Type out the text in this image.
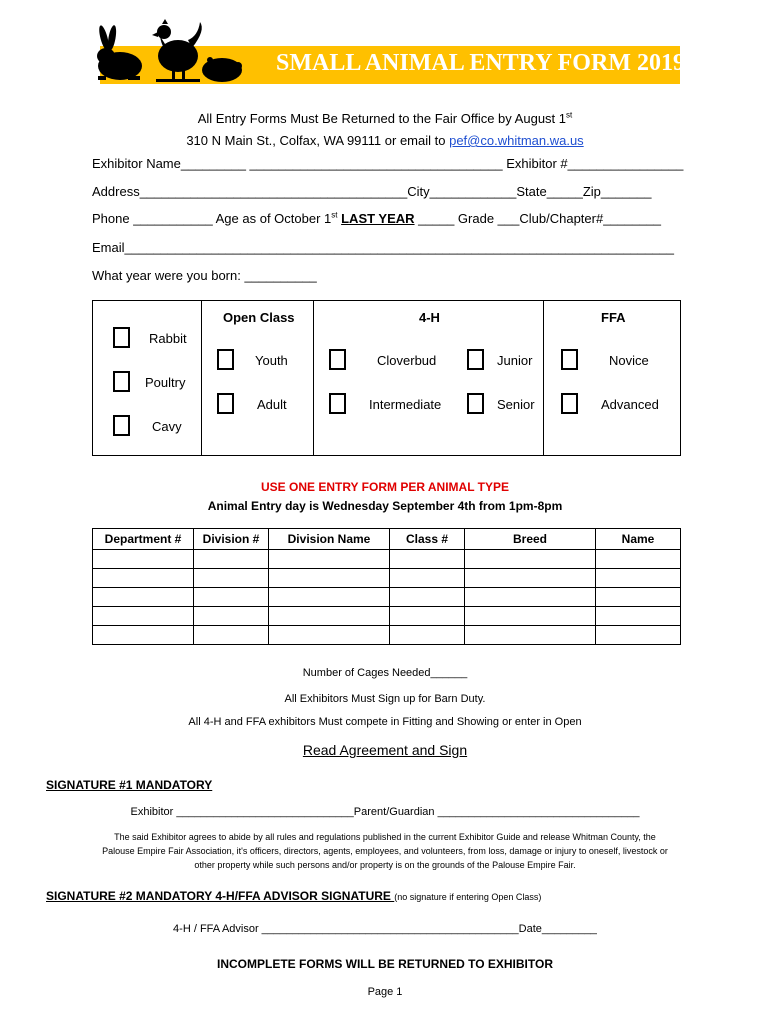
SMALL ANIMAL ENTRY FORM 2019
All Entry Forms Must Be Returned to the Fair Office by August 1st
310 N Main St., Colfax, WA 99111 or email to pef@co.whitman.wa.us
Exhibitor Name_________ ___________________________________ Exhibitor #________________
Address_____________________________________City____________State_____Zip_______
Phone ___________ Age as of October 1st LAST YEAR _____ Grade ___Club/Chapter#________
Email____________________________________________________________________________
What year were you born: __________
Open Class	4-H	FFA
Rabbit
Poultry
Cavy
Youth
Adult
Cloverbud
Intermediate
Junior
Senior
Novice
Advanced
USE ONE ENTRY FORM PER ANIMAL TYPE
Animal Entry day is Wednesday September 4th from 1pm-8pm
Department #	Division #	Division Name	Class #	Breed	Name

Number of Cages Needed______
All Exhibitors Must Sign up for Barn Duty.
All 4-H and FFA exhibitors Must compete in Fitting and Showing or enter in Open
Read Agreement and Sign
SIGNATURE #1 MANDATORY
Exhibitor _____________________________Parent/Guardian _________________________________
The said Exhibitor agrees to abide by all rules and regulations published in the current Exhibitor Guide and release Whitman County, the
Palouse Empire Fair Association, it's officers, directors, agents, employees, and volunteers, from loss, damage or injury to oneself, livestock or
other property while such persons and/or property is on the grounds of the Palouse Empire Fair.
SIGNATURE #2 MANDATORY 4-H/FFA ADVISOR SIGNATURE (no signature if entering Open Class)
4-H / FFA Advisor __________________________________________Date_________
INCOMPLETE FORMS WILL BE RETURNED TO EXHIBITOR
Page 1
